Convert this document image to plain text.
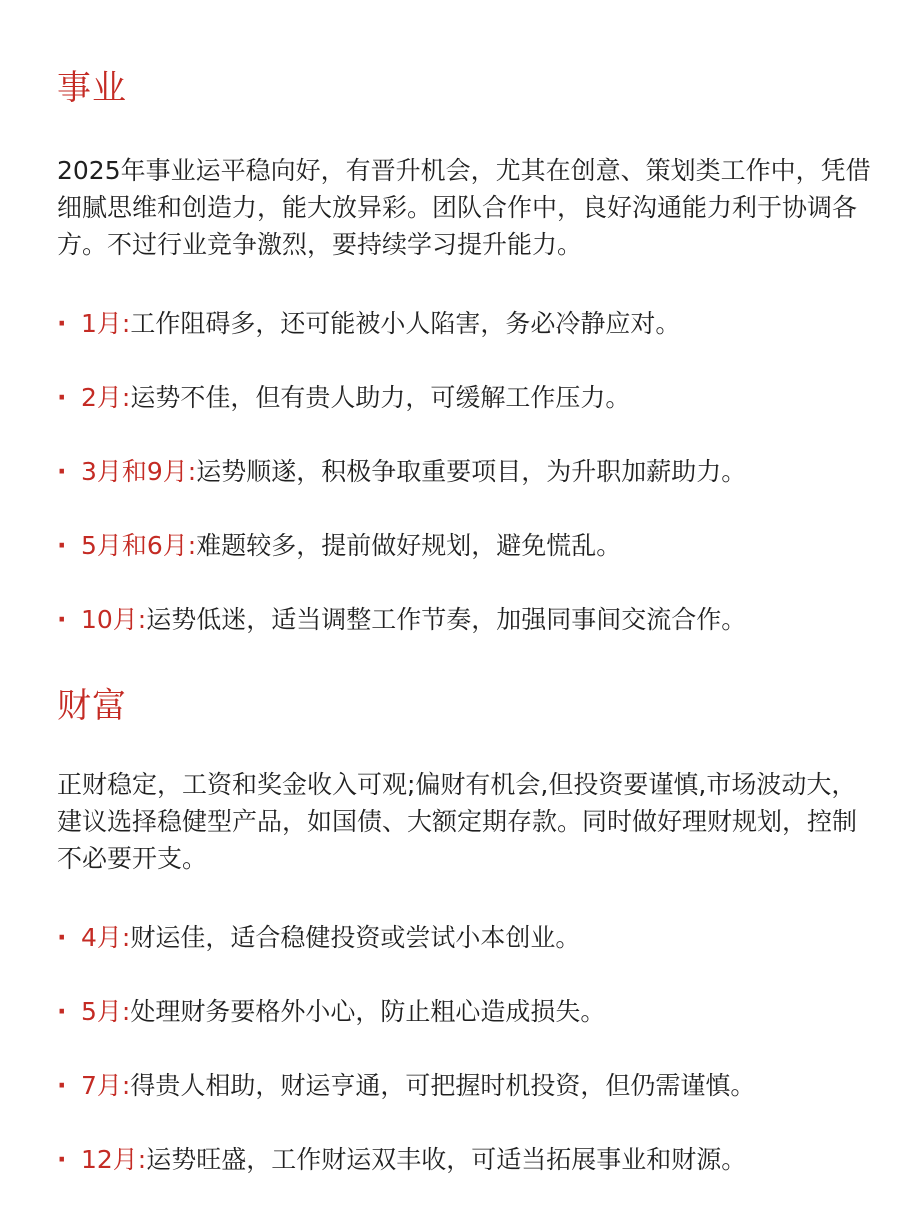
事业

2025年事业运平稳向好，有晋升机会，尤其在创意、策划类工作中，凭借细腻思维和创造力，能大放异彩。团队合作中，良好沟通能力利于协调各方。不过行业竞争激烈，要持续学习提升能力。

· 1月:工作阻碍多，还可能被小人陷害，务必冷静应对。
· 2月:运势不佳，但有贵人助力，可缓解工作压力。
· 3月和9月:运势顺遂，积极争取重要项目，为升职加薪助力。
· 5月和6月:难题较多，提前做好规划，避免慌乱。
· 10月:运势低迷，适当调整工作节奏，加强同事间交流合作。
财富

正财稳定，工资和奖金收入可观;偏财有机会,但投资要谨慎,市场波动大，建议选择稳健型产品，如国债、大额定期存款。同时做好理财规划，控制不必要开支。

· 4月:财运佳，适合稳健投资或尝试小本创业。
· 5月:处理财务要格外小心，防止粗心造成损失。
· 7月:得贵人相助，财运亨通，可把握时机投资，但仍需谨慎。
· 12月:运势旺盛，工作财运双丰收，可适当拓展事业和财源。
